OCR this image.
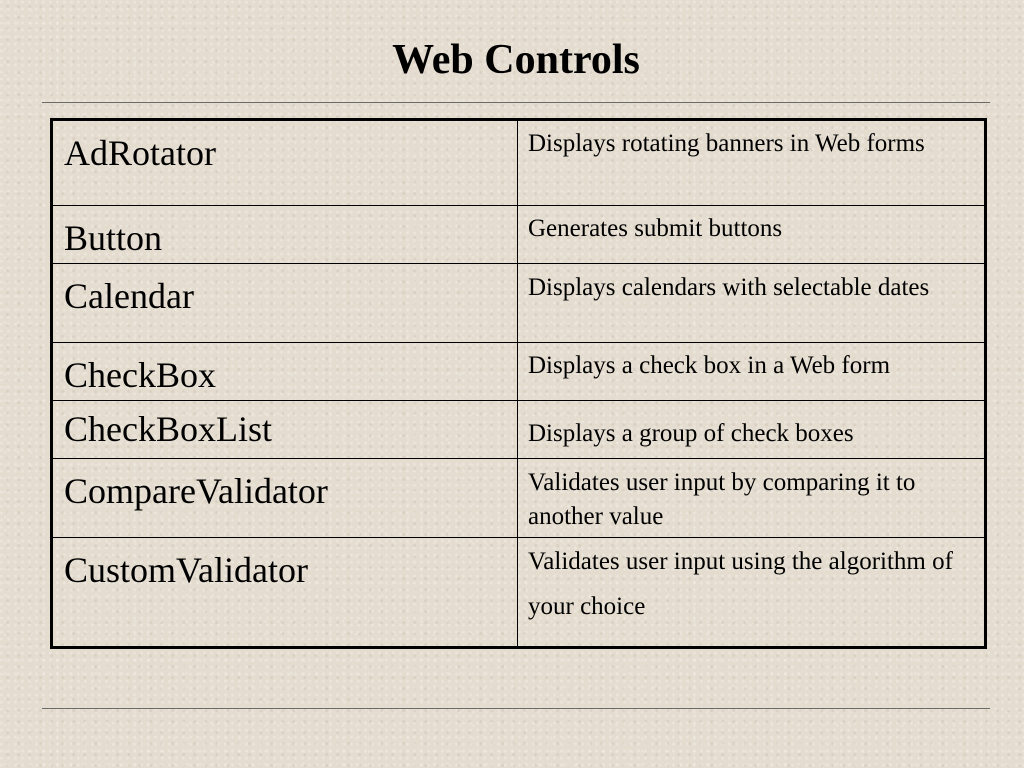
Web Controls
AdRotator	Displays rotating banners in Web forms

Button	Generates submit buttons

Calendar	Displays calendars with selectable dates

CheckBox	Displays a check box in a Web form

CheckBoxList	Displays a group of check boxes

CompareValidator	Validates user input by comparing it to another value

CustomValidator	Validates user input using the algorithm of your choice
